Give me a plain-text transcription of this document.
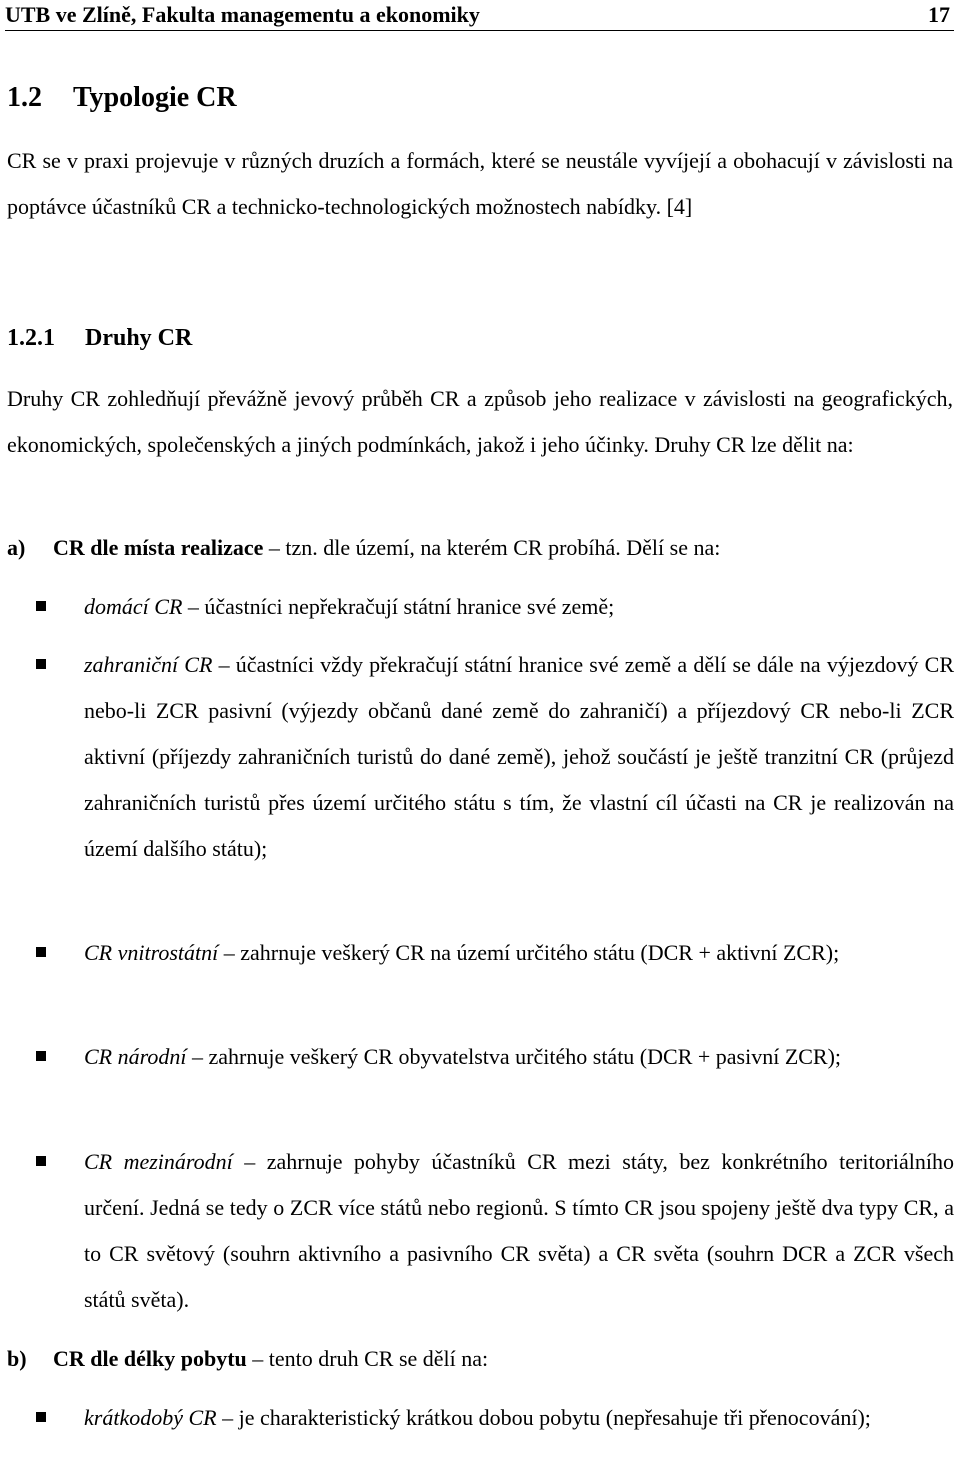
UTB ve Zlíně, Fakulta managementu a ekonomiky	17
1.2 Typologie CR
CR se v praxi projevuje v různých druzích a formách, které se neustále vyvíjejí a obohacují v závislosti na poptávce účastníků CR a technicko-technologických možnostech nabídky. [4]
1.2.1 Druhy CR
Druhy CR zohledňují převážně jevový průběh CR a způsob jeho realizace v závislosti na geografických, ekonomických, společenských a jiných podmínkách, jakož i jeho účinky. Druhy CR lze dělit na:
a) CR dle místa realizace – tzn. dle území, na kterém CR probíhá. Dělí se na:
domácí CR – účastníci nepřekračují státní hranice své země;
zahraniční CR – účastníci vždy překračují státní hranice své země a dělí se dále na výjezdový CR nebo-li ZCR pasivní (výjezdy občanů dané země do zahraničí) a příjezdový CR nebo-li ZCR aktivní (příjezdy zahraničních turistů do dané země), jehož součástí je ještě tranzitní CR (průjezd zahraničních turistů přes území určitého státu s tím, že vlastní cíl účasti na CR je realizován na území dalšího státu);
CR vnitrostátní – zahrnuje veškerý CR na území určitého státu (DCR + aktivní ZCR);
CR národní – zahrnuje veškerý CR obyvatelstva určitého státu (DCR + pasivní ZCR);
CR mezinárodní – zahrnuje pohyby účastníků CR mezi státy, bez konkrétního teritoriálního určení. Jedná se tedy o ZCR více států nebo regionů. S tímto CR jsou spojeny ještě dva typy CR, a to CR světový (souhrn aktivního a pasivního CR světa) a CR světa (souhrn DCR a ZCR všech států světa).
b) CR dle délky pobytu – tento druh CR se dělí na:
krátkodobý CR – je charakteristický krátkou dobou pobytu (nepřesahuje tři přenocování);
